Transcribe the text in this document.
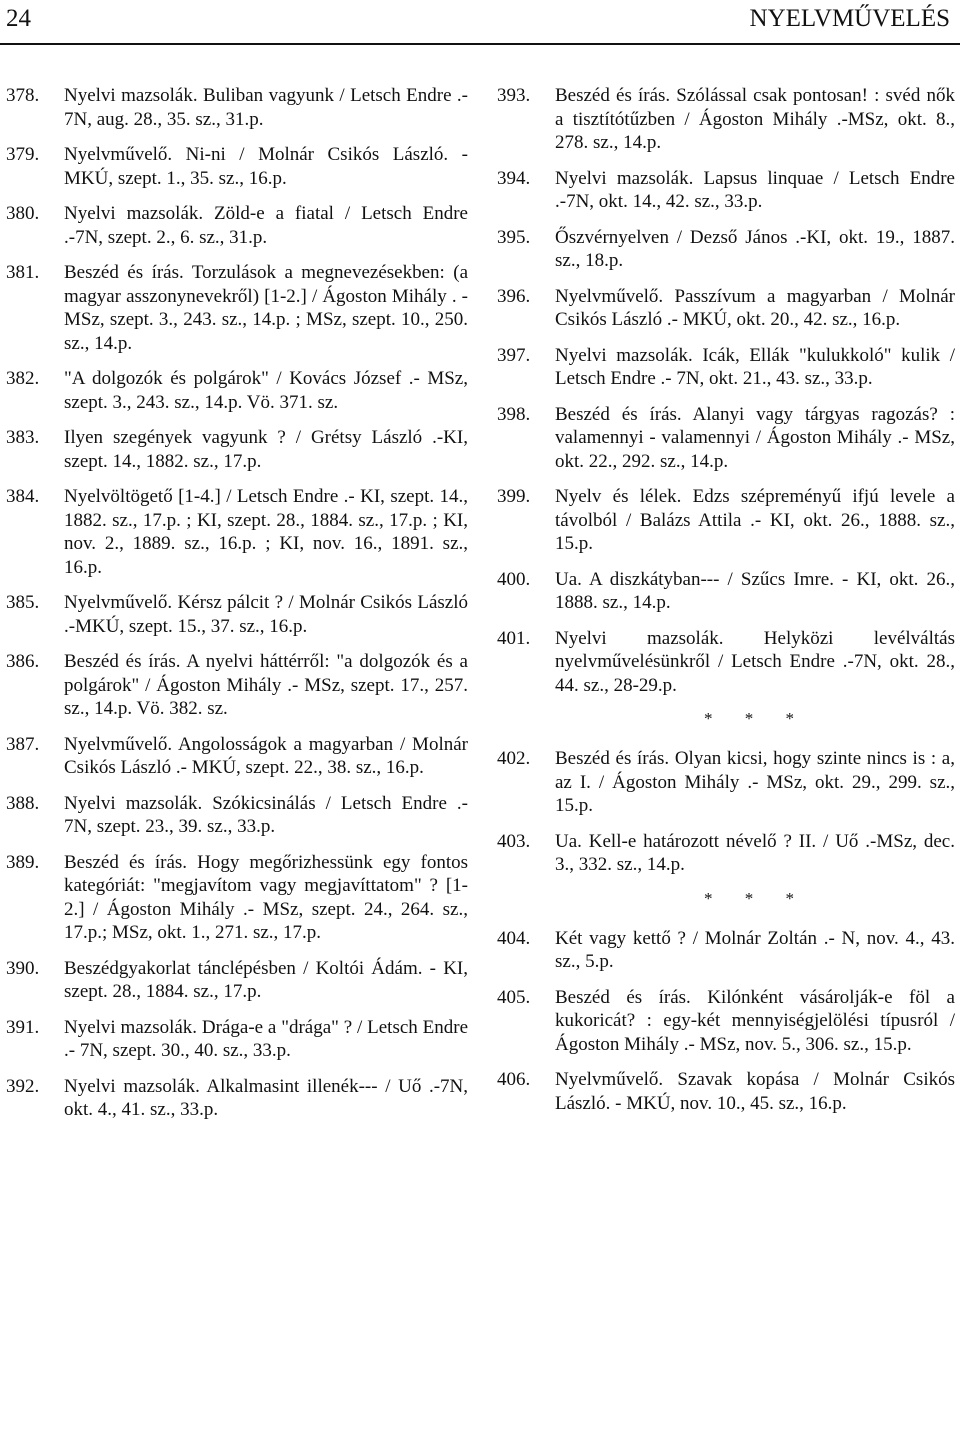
24	NYELVMŰVELÉS
378.	Nyelvi mazsolák. Buliban vagyunk / Letsch Endre .- 7N, aug. 28., 35. sz., 31.p.
379.	Nyelvművelő. Ni-ni / Molnár Csikós László. - MKÚ, szept. 1., 35. sz., 16.p.
380.	Nyelvi mazsolák. Zöld-e a fiatal / Letsch Endre .-7N, szept. 2., 6. sz., 31.p.
381.	Beszéd és írás. Torzulások a megnevezésekben: (a magyar asszonynevekről) [1-2.] / Ágoston Mihály . - MSz, szept. 3., 243. sz., 14.p. ; MSz, szept. 10., 250. sz., 14.p.
382.	"A dolgozók és polgárok" / Kovács József .- MSz, szept. 3., 243. sz., 14.p. Vö. 371. sz.
383.	Ilyen szegények vagyunk ? / Grétsy László .-KI, szept. 14., 1882. sz., 17.p.
384.	Nyelvöltögető [1-4.] / Letsch Endre .- KI, szept. 14., 1882. sz., 17.p. ; KI, szept. 28., 1884. sz., 17.p. ; KI, nov. 2., 1889. sz., 16.p. ; KI, nov. 16., 1891. sz., 16.p.
385.	Nyelvművelő. Kérsz pálcit ? / Molnár Csikós László .-MKÚ, szept. 15., 37. sz., 16.p.
386.	Beszéd és írás. A nyelvi háttérről: "a dolgozók és a polgárok" / Ágoston Mihály .- MSz, szept. 17., 257. sz., 14.p. Vö. 382. sz.
387.	Nyelvművelő. Angolosságok a magyarban / Molnár Csikós László .- MKÚ, szept. 22., 38. sz., 16.p.
388.	Nyelvi mazsolák. Szókicsinálás / Letsch Endre .- 7N, szept. 23., 39. sz., 33.p.
389.	Beszéd és írás. Hogy megőrizhessünk egy fontos kategóriát: "megjavítom vagy megjavíttatom" ? [1-2.] / Ágoston Mihály .- MSz, szept. 24., 264. sz., 17.p.; MSz, okt. 1., 271. sz., 17.p.
390.	Beszédgyakorlat tánclépésben / Koltói Ádám. - KI, szept. 28., 1884. sz., 17.p.
391.	Nyelvi mazsolák. Drága-e a "drága" ? / Letsch Endre .- 7N, szept. 30., 40. sz., 33.p.
392.	Nyelvi mazsolák. Alkalmasint illenék--- / Uő .-7N, okt. 4., 41. sz., 33.p.
393.	Beszéd és írás. Szólással csak pontosan! : svéd nők a tisztítótűzben / Ágoston Mihály .-MSz, okt. 8., 278. sz., 14.p.
394.	Nyelvi mazsolák. Lapsus linquae / Letsch Endre .-7N, okt. 14., 42. sz., 33.p.
395.	Őszvérnyelven / Dezső János .-KI, okt. 19., 1887. sz., 18.p.
396.	Nyelvművelő. Passzívum a magyarban / Molnár Csikós László .- MKÚ, okt. 20., 42. sz., 16.p.
397.	Nyelvi mazsolák. Icák, Ellák "kulukkoló" kulik / Letsch Endre .- 7N, okt. 21., 43. sz., 33.p.
398.	Beszéd és írás. Alanyi vagy tárgyas ragozás? : valamennyi - valamennyi / Ágoston Mihály .- MSz, okt. 22., 292. sz., 14.p.
399.	Nyelv és lélek. Edzs szépreményű ifjú levele a távolból / Balázs Attila .- KI, okt. 26., 1888. sz., 15.p.
400.	Ua. A diszkátyban--- / Szűcs Imre. - KI, okt. 26., 1888. sz., 14.p.
401.	Nyelvi mazsolák. Helyközi levélváltás nyelvművelésünkről / Letsch Endre .-7N, okt. 28., 44. sz., 28-29.p.
* * *
402.	Beszéd és írás. Olyan kicsi, hogy szinte nincs is : a, az I. / Ágoston Mihály .- MSz, okt. 29., 299. sz., 15.p.
403.	Ua. Kell-e határozott névelő ? II. / Uő .-MSz, dec. 3., 332. sz., 14.p.
* * *
404.	Két vagy kettő ? / Molnár Zoltán .- N, nov. 4., 43. sz., 5.p.
405.	Beszéd és írás. Kilónként vásárolják-e föl a kukoricát? : egy-két mennyiségjelölési típusról / Ágoston Mihály .- MSz, nov. 5., 306. sz., 15.p.
406.	Nyelvművelő. Szavak kopása / Molnár Csikós László. - MKÚ, nov. 10., 45. sz., 16.p.
